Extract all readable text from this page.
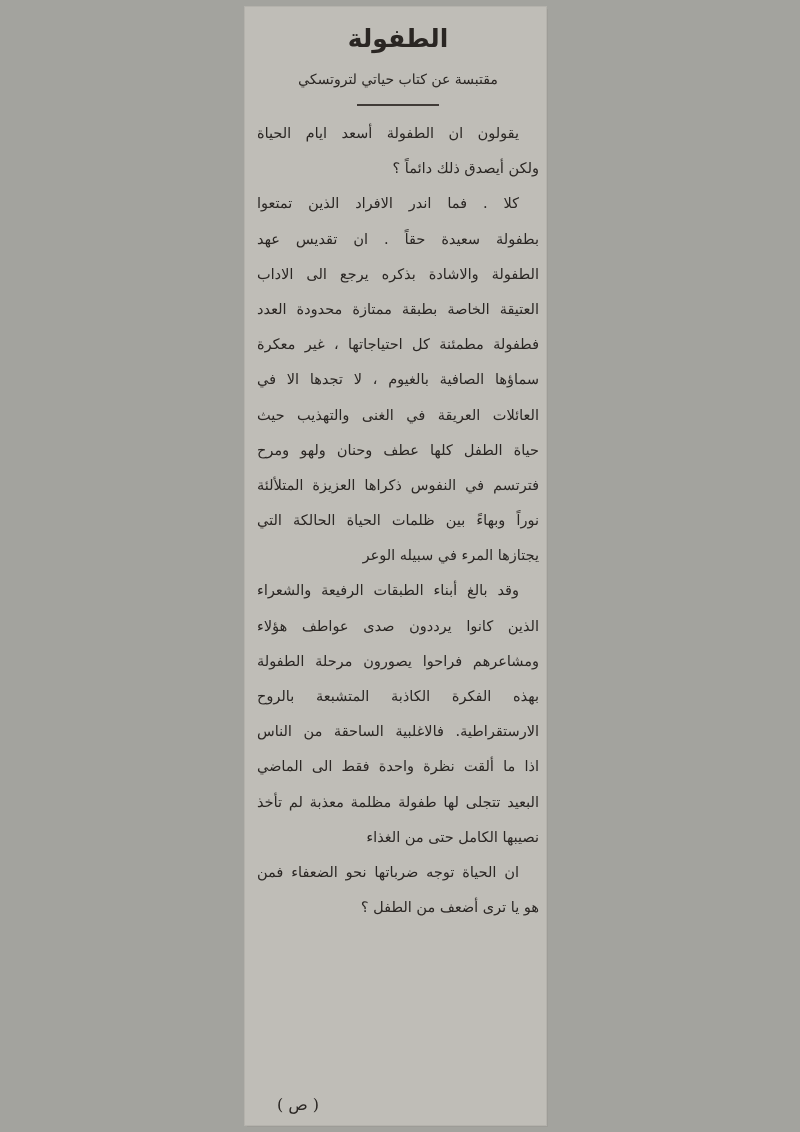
الطفولة

مقتبسة عن كتاب حياتي لتروتسكي

يقولون ان الطفولة أسعد ايام الحياة
ولكن أيصدق ذلك دائماً ؟
كلا . فما اندر الافراد الذين تمتعوا
بطفولة سعيدة حقاً . ان تقديس عهد
الطفولة والاشادة بذكره يرجع الى الاداب
العتيقة الخاصة بطبقة ممتازة محدودة العدد
فطفولة مطمئنة كل احتياجاتها ، غير معكرة
سماؤها الصافية بالغيوم ، لا تجدها الا في
العائلات العريقة في الغنى والتهذيب حيث
حياة الطفل كلها عطف وحنان ولهو ومرح
فترتسم في النفوس ذكراها العزيزة المتلألئة
نوراً وبهاءً بين ظلمات الحياة الحالكة التي
يجتازها المرء في سبيله الوعر
وقد بالغ أبناء الطبقات الرفيعة والشعراء
الذين كانوا يرددون صدى عواطف هؤلاء
ومشاعرهم فراحوا يصورون مرحلة الطفولة
بهذه الفكرة الكاذبة المتشبعة بالروح
الارستقراطية. فالاغلبية الساحقة من الناس
اذا ما ألقت نظرة واحدة فقط الى الماضي
البعيد تتجلى لها طفولة مظلمة معذبة لم تأخذ
نصيبها الكامل حتى من الغذاء
ان الحياة توجه ضرباتها نحو الضعفاء فمن
هو يا ترى أضعف من الطفل ؟
( ص )
